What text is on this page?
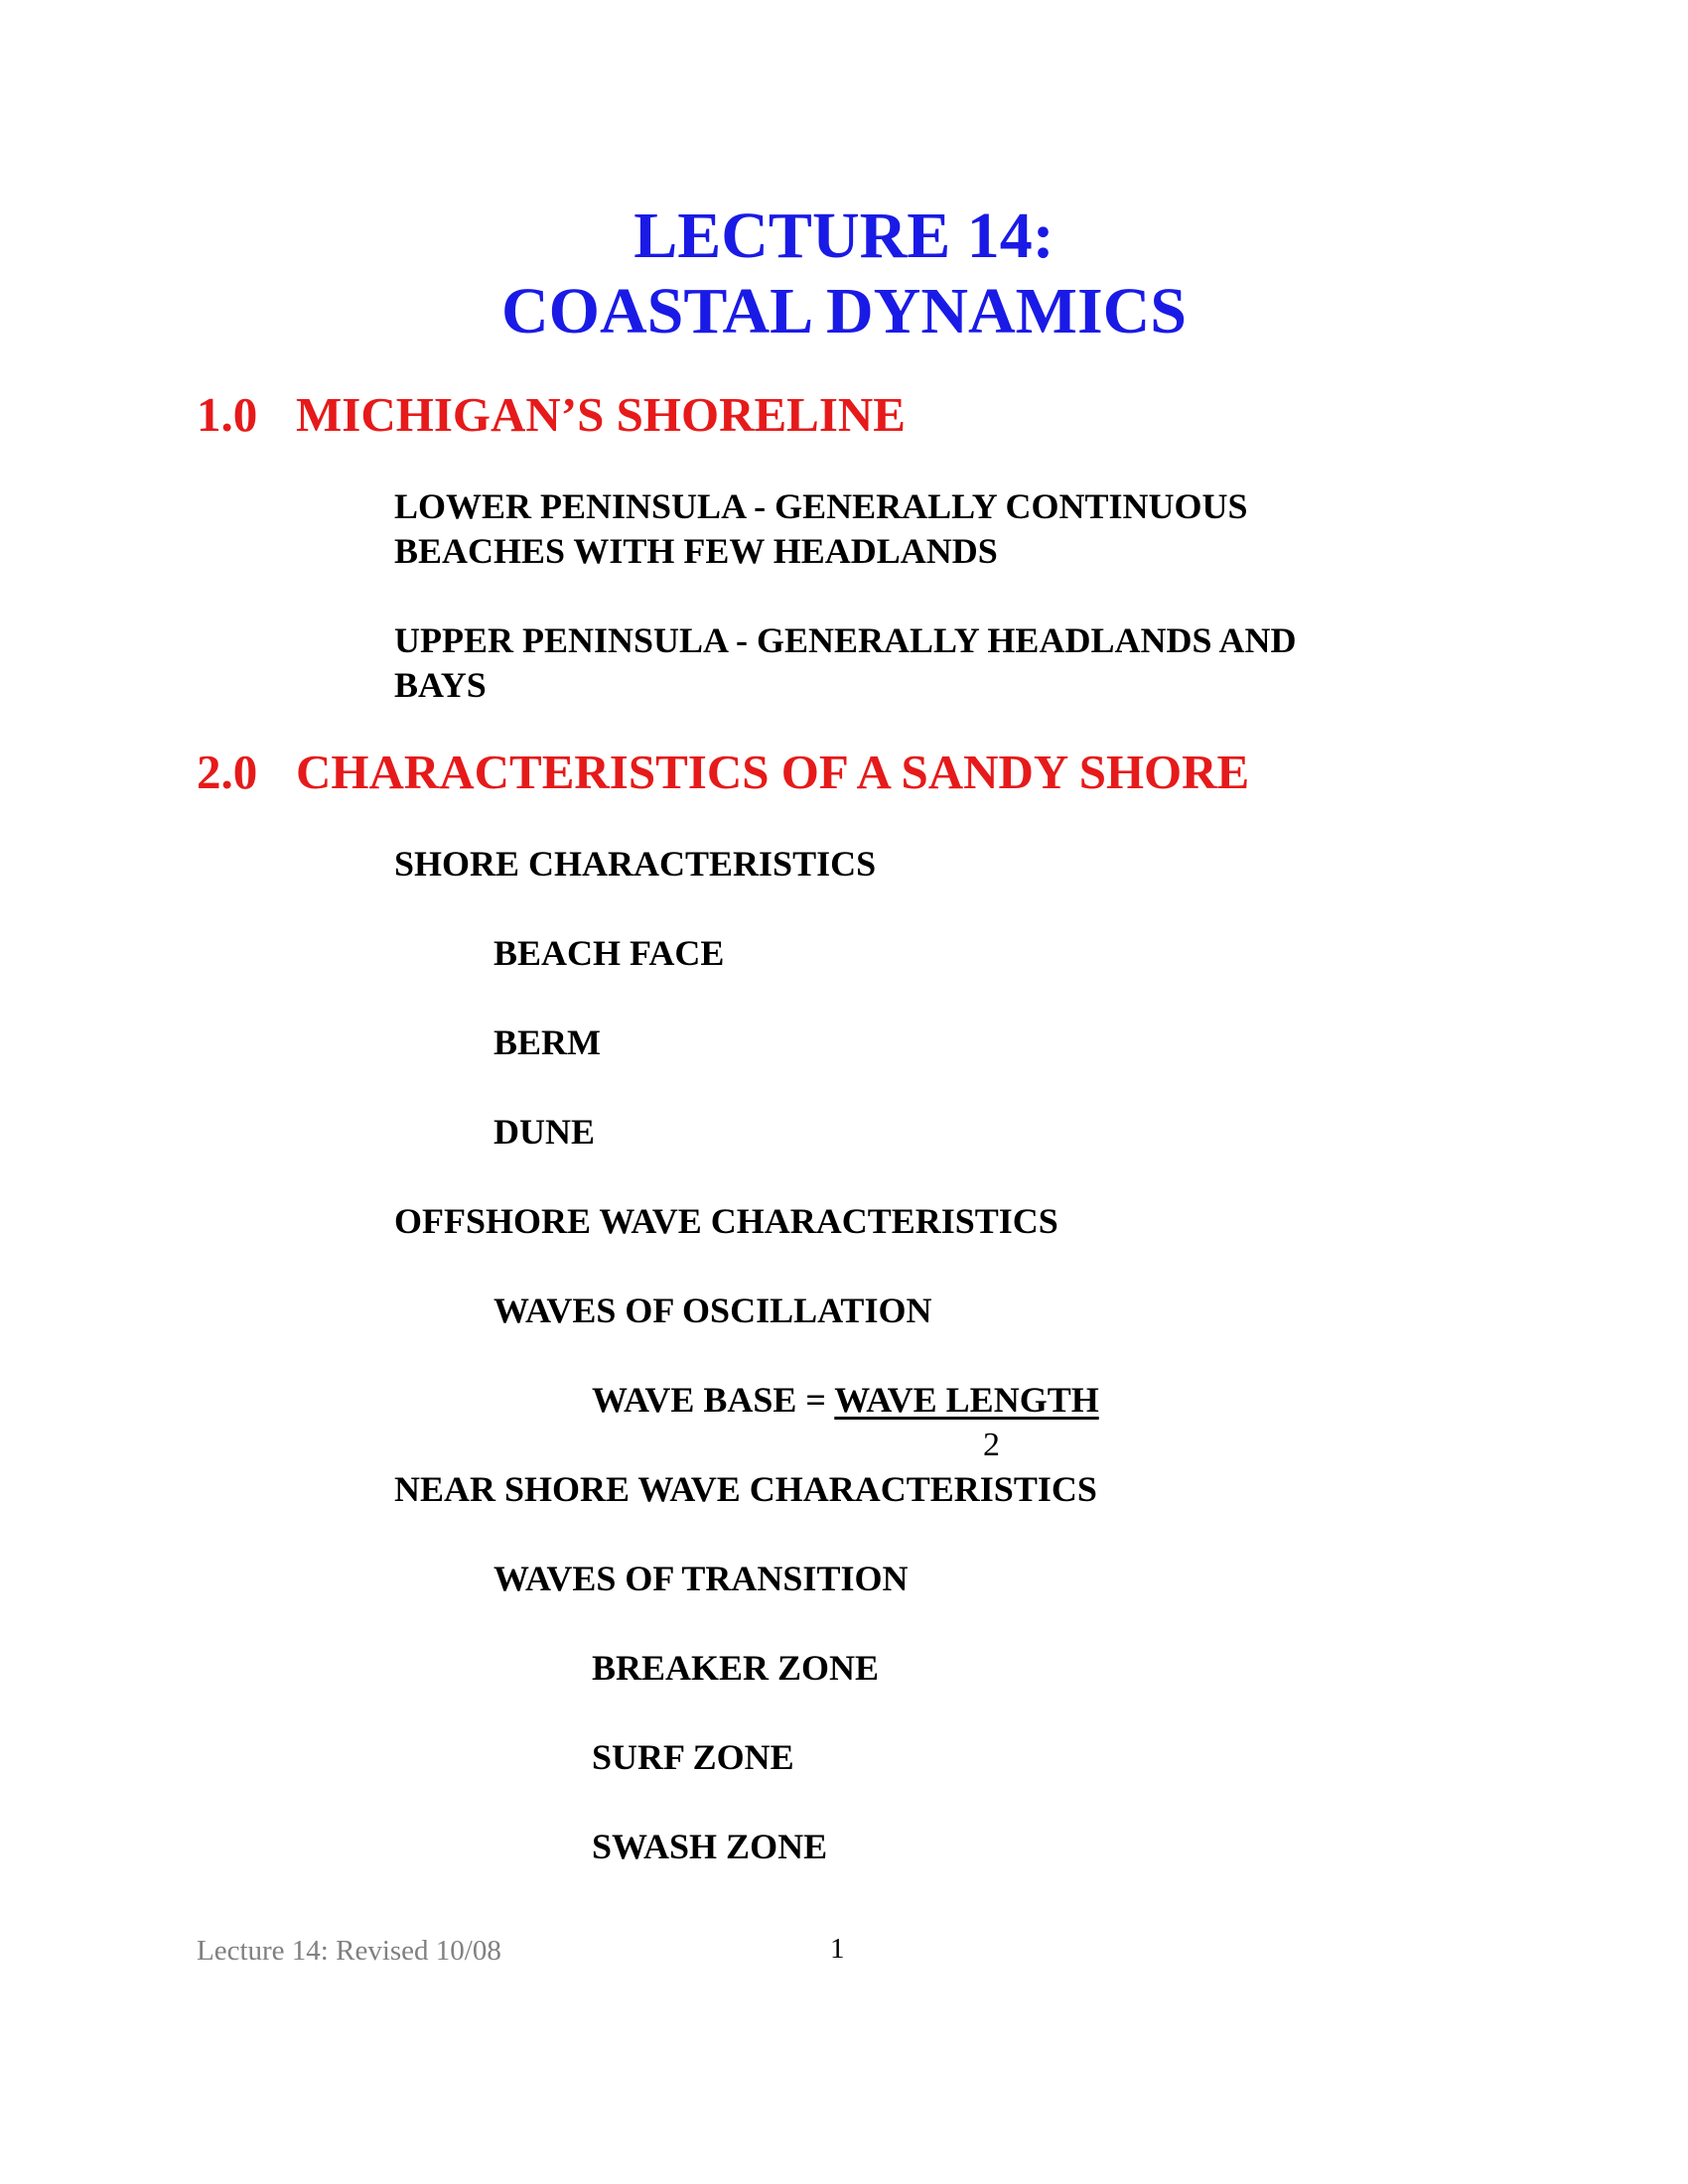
LECTURE 14:
COASTAL DYNAMICS
1.0 MICHIGAN’S SHORELINE
LOWER PENINSULA - GENERALLY CONTINUOUS
BEACHES WITH FEW HEADLANDS
UPPER PENINSULA - GENERALLY HEADLANDS AND
BAYS
2.0 CHARACTERISTICS OF A SANDY SHORE
SHORE CHARACTERISTICS
BEACH FACE
BERM
DUNE
OFFSHORE WAVE CHARACTERISTICS
WAVES OF OSCILLATION
WAVE BASE = WAVE LENGTH
2
NEAR SHORE WAVE CHARACTERISTICS
WAVES OF TRANSITION
BREAKER ZONE
SURF ZONE
SWASH ZONE
Lecture 14: Revised 10/08	1
